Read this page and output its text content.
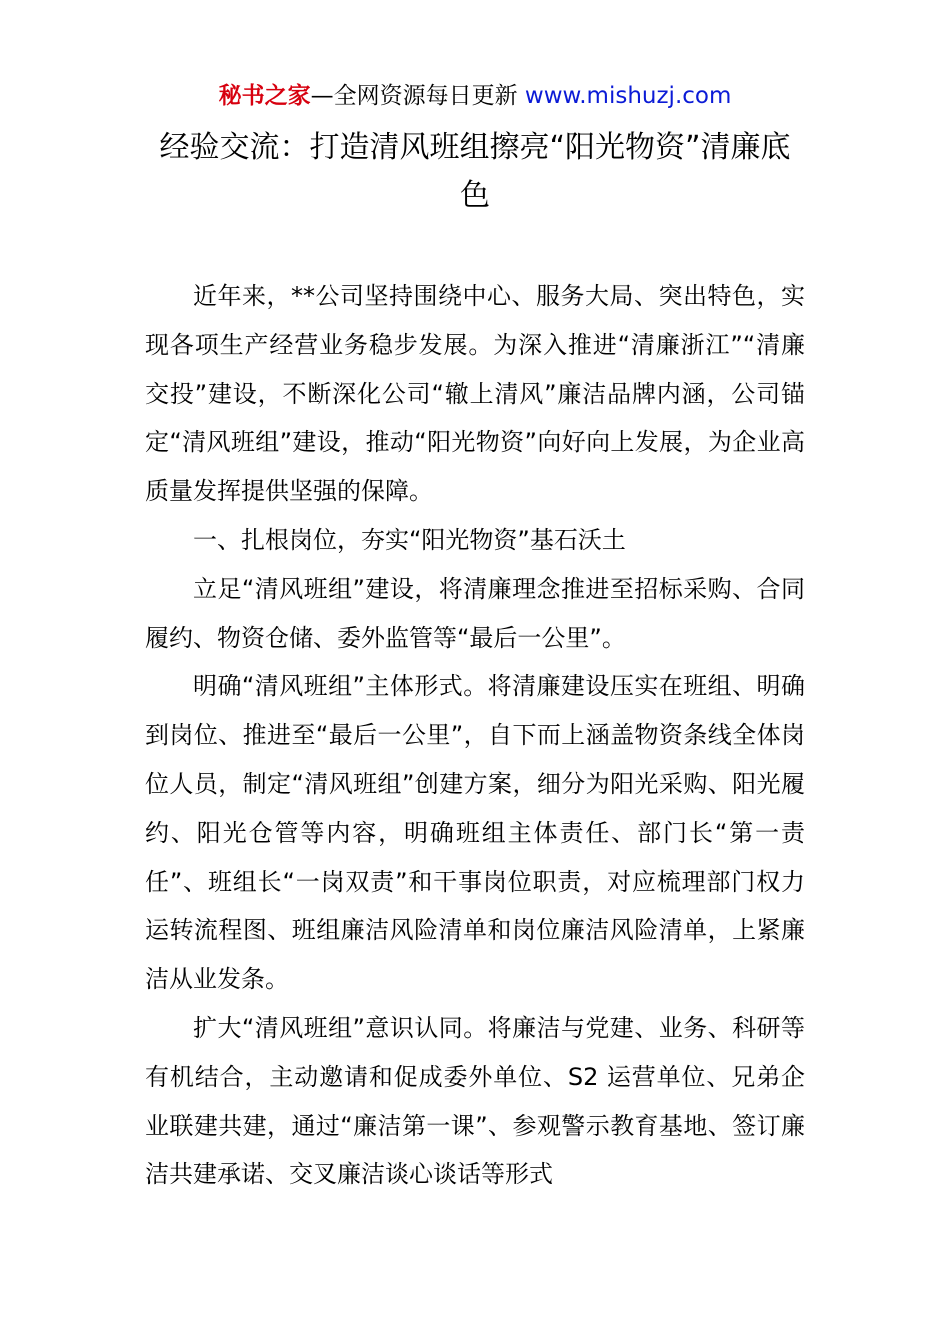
秘书之家—全网资源每日更新 www.mishuzj.com
经验交流：打造清风班组擦亮“阳光物资”清廉底色

近年来，**公司坚持围绕中心、服务大局、突出特色，实现各项生产经营业务稳步发展。为深入推进“清廉浙江”“清廉交投”建设，不断深化公司“辙上清风”廉洁品牌内涵，公司锚定“清风班组”建设，推动“阳光物资”向好向上发展，为企业高质量发挥提供坚强的保障。

一、扎根岗位，夯实“阳光物资”基石沃土

立足“清风班组”建设，将清廉理念推进至招标采购、合同履约、物资仓储、委外监管等“最后一公里”。

明确“清风班组”主体形式。将清廉建设压实在班组、明确到岗位、推进至“最后一公里”，自下而上涵盖物资条线全体岗位人员，制定“清风班组”创建方案，细分为阳光采购、阳光履约、阳光仓管等内容，明确班组主体责任、部门长“第一责任”、班组长“一岗双责”和干事岗位职责，对应梳理部门权力运转流程图、班组廉洁风险清单和岗位廉洁风险清单，上紧廉洁从业发条。

扩大“清风班组”意识认同。将廉洁与党建、业务、科研等有机结合，主动邀请和促成委外单位、S2 运营单位、兄弟企业联建共建，通过“廉洁第一课”、参观警示教育基地、签订廉洁共建承诺、交叉廉洁谈心谈话等形式
